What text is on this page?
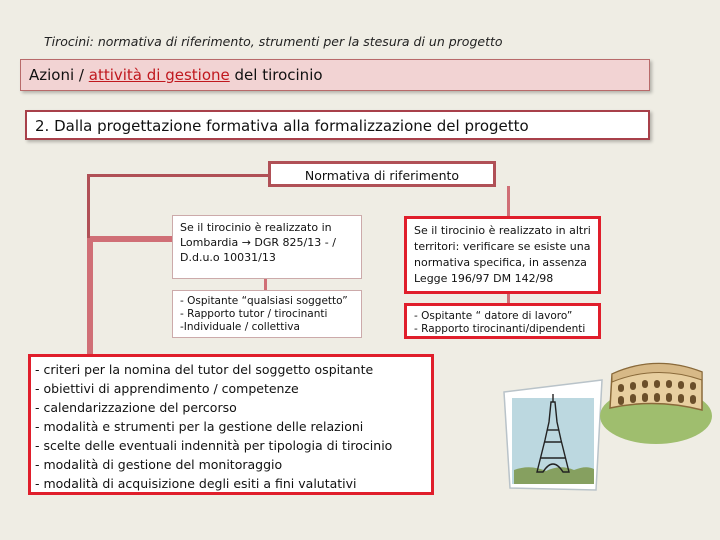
Tirocini: normativa di riferimento, strumenti per la stesura di un progetto
Azioni / attività di gestione del tirocinio
2. Dalla progettazione formativa alla formalizzazione del progetto
Normativa di riferimento
Se il tirocinio è realizzato in
Lombardia → DGR 825/13 - /
D.d.u.o 10031/13
Se il tirocinio è realizzato in altri
territori: verificare se esiste una
normativa specifica, in assenza
Legge 196/97 DM 142/98
- Ospitante “qualsiasi soggetto”
- Rapporto tutor / tirocinanti
-Individuale / collettiva
- Ospitante “ datore di lavoro”
- Rapporto tirocinanti/dipendenti
- criteri per la nomina del tutor del soggetto ospitante
- obiettivi di apprendimento / competenze
- calendarizzazione del percorso
- modalità e strumenti per la gestione delle relazioni
- scelte delle eventuali indennità per tipologia di tirocinio
- modalità di gestione del monitoraggio
- modalità di acquisizione degli esiti a fini valutativi
